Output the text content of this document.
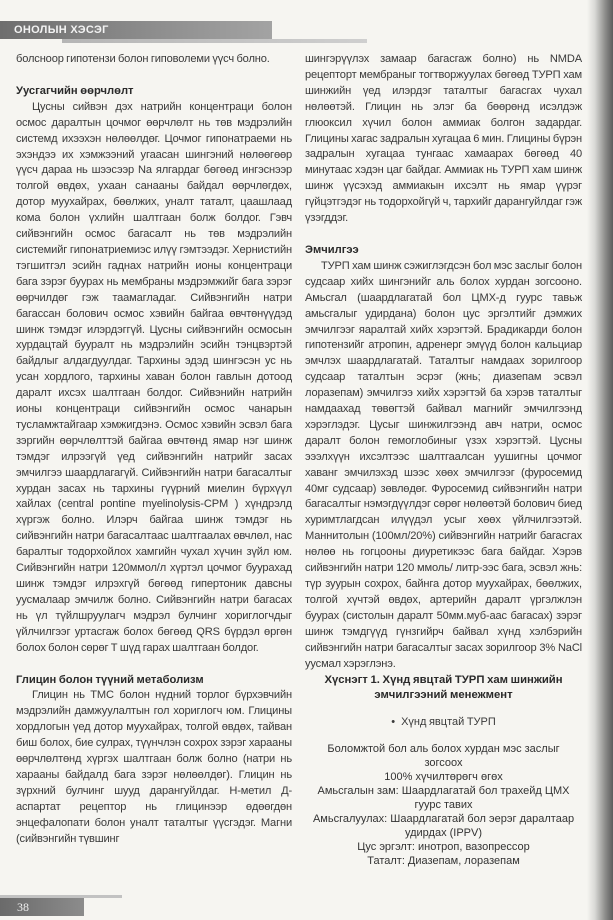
ОНОЛЫН ХЭСЭГ

болсноор гипотензи болон гиповолеми үүсч болно.

Уусгагчийн өөрчлөлт

Цусны сийвэн дэх натрийн концентраци болон осмос даралтын цочмог өөрчлөлт нь төв мэдрэлийн системд ихээхэн нөлөөлдөг. Цочмог гипонатраеми нь эхэндээ их хэмжээний угаасан шингэний нөлөөгөөр үүсч дараа нь шээсээр Na ялгардаг бөгөөд ингэснээр толгой өвдөх, ухаан санааны байдал өөрчлөгдөх, дотор муухайрах, бөөлжих, уналт таталт, цаашлаад кома болон үхлийн шалтгаан болж болдог. Гэвч сийвэнгийн осмос багасалт нь төв мэдрэлийн системийг гипонатриемиэс илүү гэмтээдэг. Хернистийн тэгшитгэл эсийн гаднах натрийн ионы концентраци бага зэрэг буурах нь мембраны мэдрэмжийг бага зэрэг өөрчилдөг гэж таамагладаг. Сийвэнгийн натри багассан болович осмос хэвийн байгаа өвчтөнүүдэд шинж тэмдэг илэрдэггүй. Цусны сийвэнгийн осмосын хурдацтай бууралт нь мэдрэлийн эсийн тэнцвэртэй байдлыг алдагдуулдаг. Тархины эдэд шингэсэн ус нь усан хордлого, тархины хаван болон гавлын дотоод даралт ихсэх шалтгаан болдог. Сийвэнийн натрийн ионы концентраци сийвэнгийн осмос чанарын тусламжтайгаар хэмжигдэнэ. Осмос хэвийн эсвэл бага зэргийн өөрчлөлттэй байгаа өвчтөнд ямар нэг шинж тэмдэг илрээгүй үед сийвэнгийн натрийг засах эмчилгээ шаардлагагүй. Сийвэнгийн натри багасалтыг хурдан засах нь тархины гүүрний миелин бүрхүүл хайлах (central pontine myelinolysis-CPM ) хүндрэлд хүргэж болно. Илэрч байгаа шинж тэмдэг нь сийвэнгийн натри багасалтаас шалтгаалах өвчлөл, нас баралтыг тодорхойлох хамгийн чухал хүчин зүйл юм. Сийвэнгийн натри 120ммол/л хүртэл цочмог буурахад шинж тэмдэг илрэхгүй бөгөөд гипертоник давсны уусмалаар эмчилж болно. Сийвэнгийн натри багасах нь үл түйлшруулагч мэдрэл булчинг хориглогчдыг үйлчилгээг уртасгаж болох бөгөөд QRS бүрдэл өргөн болох болон сөрөг Т шүд гарах шалтгаан болдог.

Глицин болон түүний метаболизм

Глицин нь ТМС болон нүдний торлог бүрхэвчийн мэдрэлийн дамжуулалтын гол хориглогч юм. Глицины хордлогын үед дотор муухайрах, толгой өвдөх, тайван биш болох, бие сулрах, түүнчлэн сохрох зэрэг харааны өөрчлөлтөнд хүргэх шалтгаан болж болно (натри нь харааны байдалд бага зэрэг нөлөөлдөг). Глицин нь зүрхний булчинг шууд дарангуйлдаг. Н-метил Д-аспартат рецептор нь глицинээр өдөөгдөн энцефалопати болон уналт таталтыг үүсгэдэг. Магни (сийвэнгийн түвшинг

шингэрүүлэх замаар багасгаж болно) нь NMDA рецепторт мембраныг тогтворжуулах бөгөөд ТУРП хам шинжийн үед илэрдэг таталтыг багасгах чухал нөлөөтэй. Глицин нь элэг ба бөөрөнд исэлдэж глюоксил хүчил болон аммиак болгон задардаг. Глицины хагас задралын хугацаа 6 мин. Глицины бүрэн задралын хугацаа тунгаас хамаарах бөгөөд 40 минутаас хэдэн цаг байдаг. Аммиак нь ТУРП хам шинж шинж үүсэхэд аммиакын ихсэлт нь ямар үүрэг гүйцэтгэдэг нь тодорхойгүй ч, тархийг дарангуйлдаг гэж үзэгддэг.

Эмчилгээ

ТУРП хам шинж сэжиглэгдсэн бол мэс заслыг болон судсаар хийх шингэнийг аль болох хурдан зогсооно. Амьсгал (шаардлагатай бол ЦМХ-д гуурс тавьж амьсгалыг удирдана) болон цус эргэлтийг дэмжих эмчилгээг яаралтай хийх хэрэгтэй. Брадикарди болон гипотензийг атропин, адренерг эмүүд болон кальциар эмчлэх шаардлагатай. Таталтыг намдаах зорилгоор судсаар таталтын эсрэг (жнь; диазепам эсвэл лоразепам) эмчилгээ хийх хэрэгтэй ба хэрэв таталтыг намдаахад төвөгтэй байвал магнийг эмчилгээнд хэрэглэдэг. Цусыг шинжилгээнд авч натри, осмос даралт болон гемоглобиныг үзэх хэрэгтэй. Цусны эээлхүүн ихсэлтээс шалтгаалсан уушигны цочмог хаванг эмчилэхэд шээс хөөх эмчилгээг (фуросемид 40мг судсаар) зөвлөдөг. Фуросемид сийвэнгийн натри багасалтыг нэмэгдүүлдэг сөрөг нөлөөтэй болович биед хуримтлагдсан илүүдэл усыг хөөх үйлчилгээтэй. Маннитолын (100мл/20%) сийвэнгийн натрийг багасгах нөлөө нь гогцооны диуретикээс бага байдаг. Хэрэв сийвэнгийн натри 120 ммоль/ литр-ээс бага, эсвэл жнь: түр зуурын сохрох, байнга дотор муухайрах, бөөлжих, толгой хүчтэй өвдөх, артерийн даралт үргэлжлэн буурах (систолын даралт 50мм.муб-аас багасах) зэрэг шинж тэмдгүүд гүнзгийрч байвал хүнд хэлбэрийн сийвэнгийн натри багасалтыг засах зорилгоор 3% NaCl уусмал хэрэглэнэ.

Хүснэгт 1. Хүнд явцтай ТУРП хам шинжийн эмчилгээний менежмент
• Хүнд явцтай ТУРП
Боломжтой бол аль болох хурдан мэс заслыг зогсоох
100% хүчилтөрөгч өгөх
Амьсгалын зам: Шаардлагатай бол трахейд ЦМХ гуурс тавих
Амьсгалуулах: Шаардлагатай бол эерэг даралтаар удирдах (IPPV)
Цус эргэлт: инотроп, вазопрессор
Таталт: Диазепам, лоразепам
38
